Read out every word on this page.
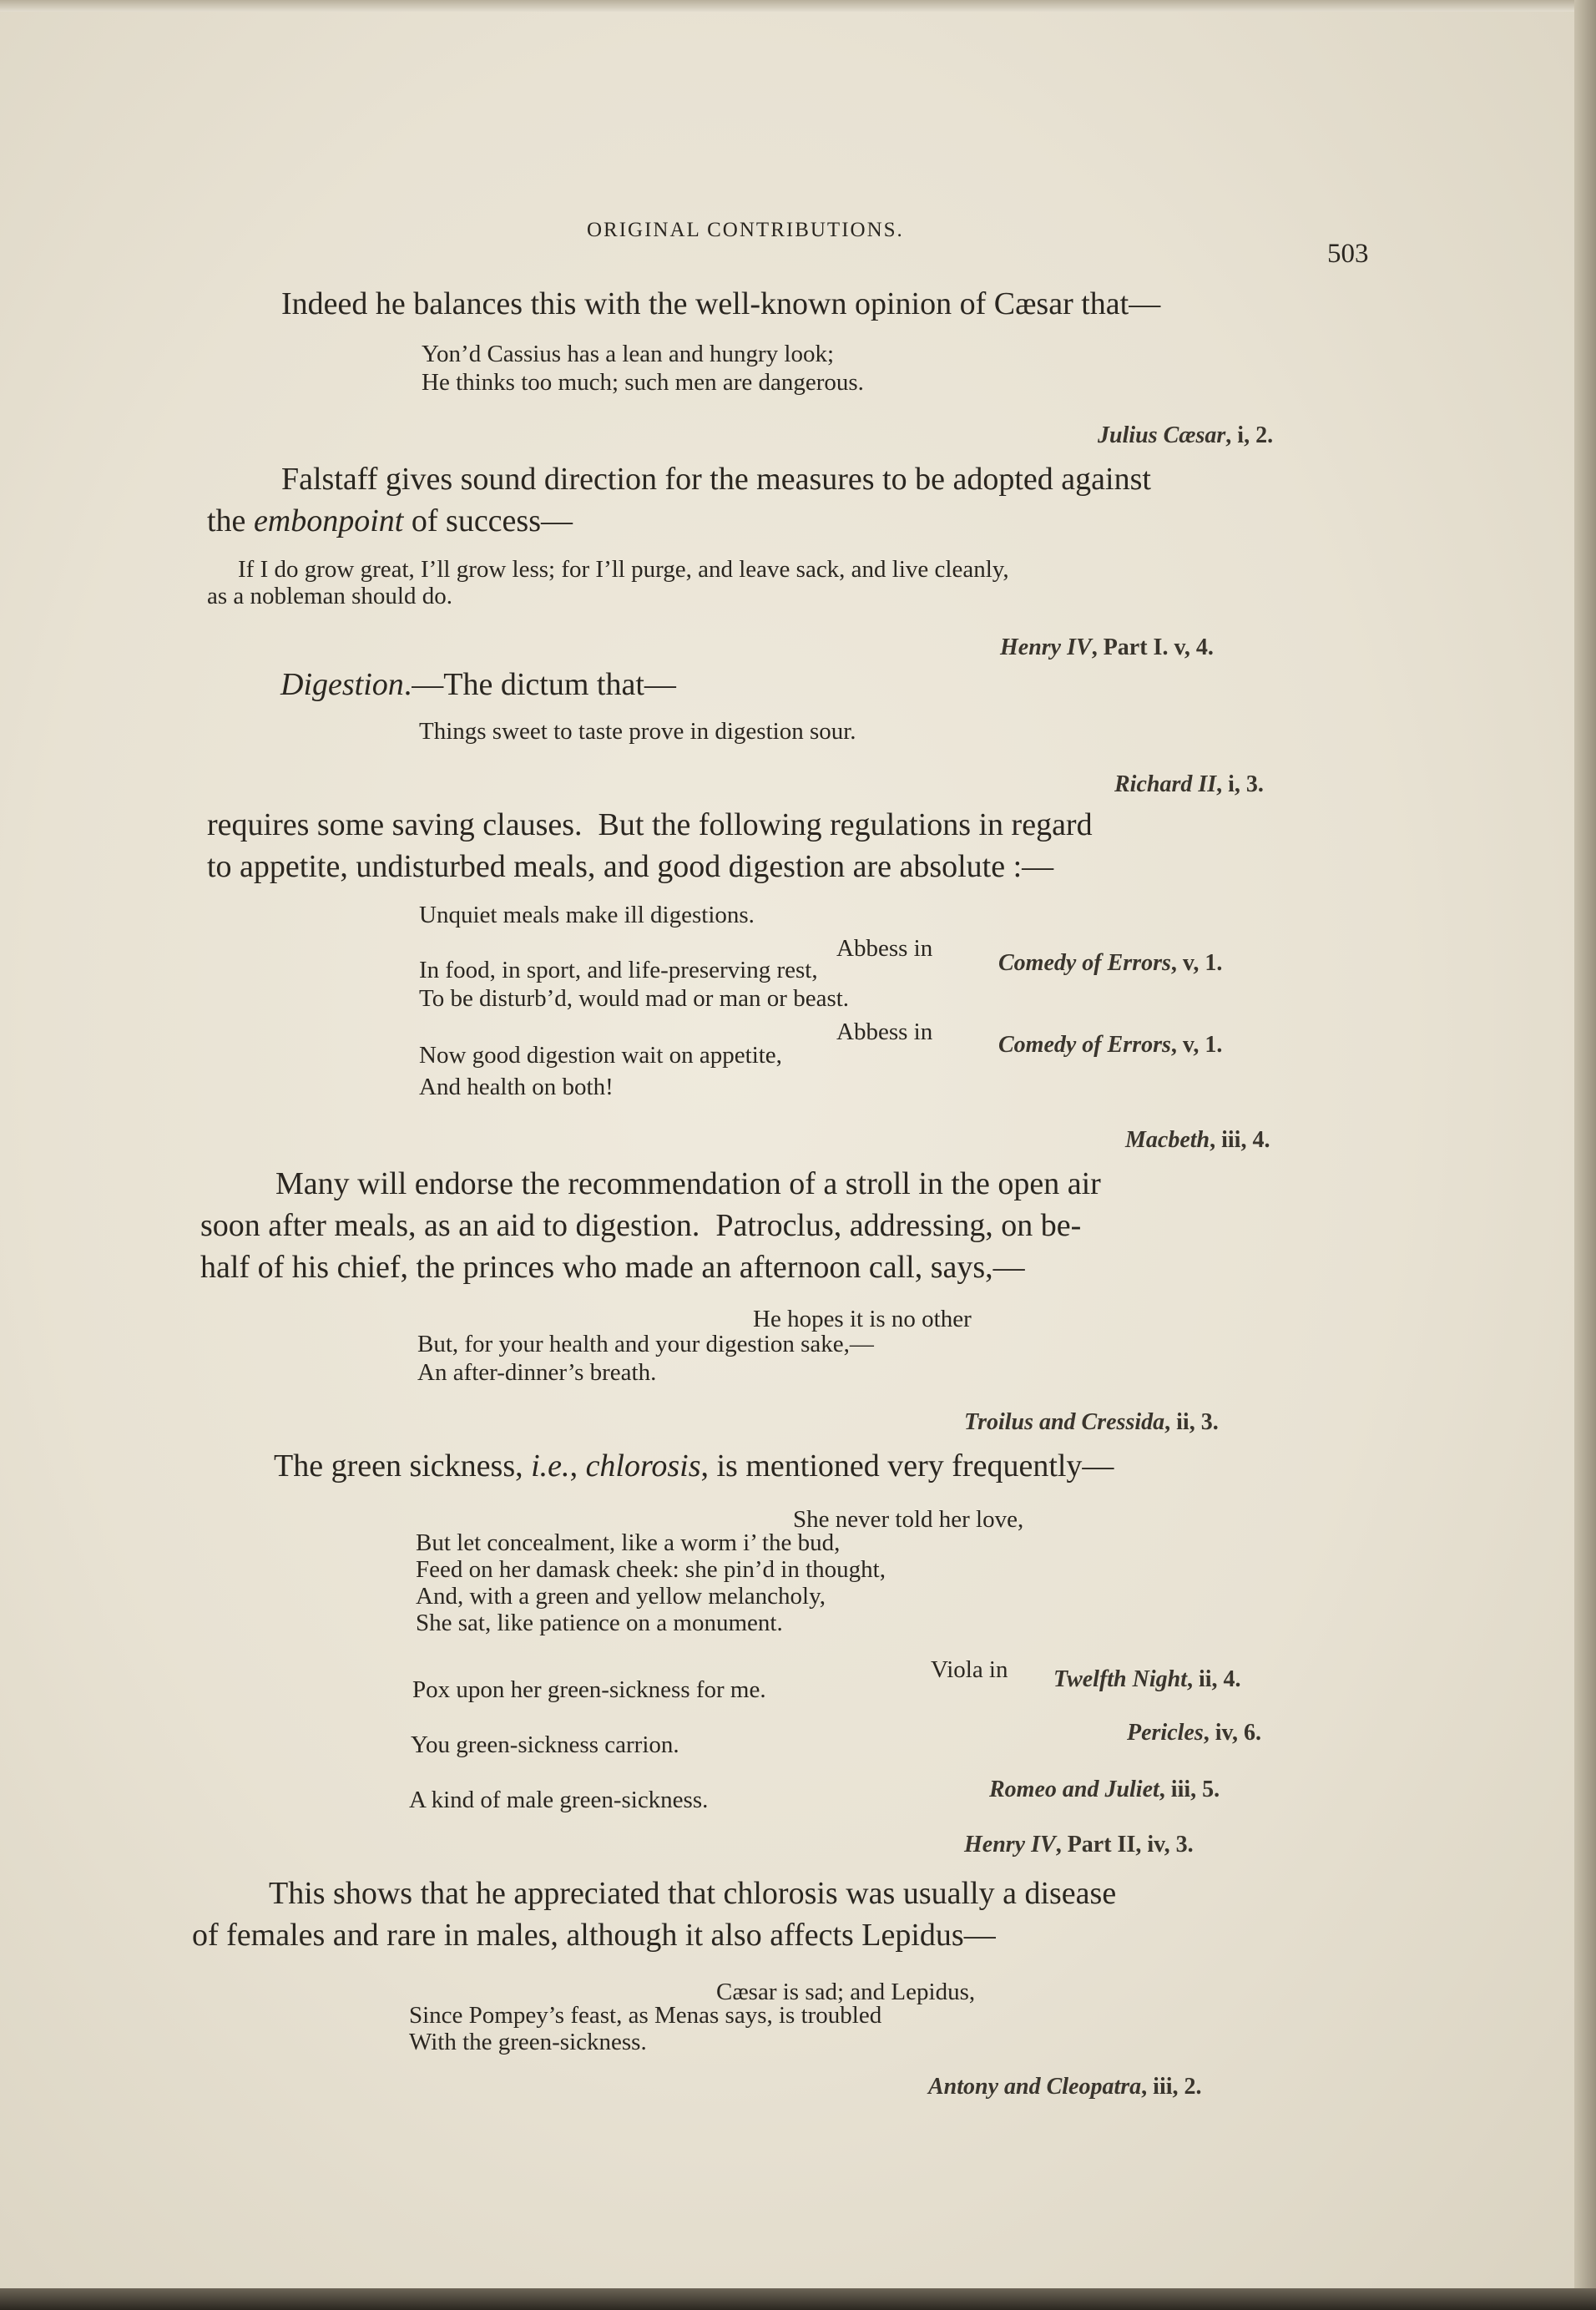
ORIGINAL CONTRIBUTIONS.
503
Indeed he balances this with the well-known opinion of Cæsar that—
Yon’d Cassius has a lean and hungry look;
He thinks too much; such men are dangerous.
Julius Cæsar, i, 2.
Falstaff gives sound direction for the measures to be adopted against
the embonpoint of success—
If I do grow great, I’ll grow less; for I’ll purge, and leave sack, and live cleanly,
as a nobleman should do.
Henry IV, Part I. v, 4.
Digestion.—The dictum that—
Things sweet to taste prove in digestion sour.
Richard II, i, 3.
requires some saving clauses.  But the following regulations in regard
to appetite, undisturbed meals, and good digestion are absolute :—
Unquiet meals make ill digestions.
Abbess in
Comedy of Errors, v, 1.
In food, in sport, and life-preserving rest,
To be disturb’d, would mad or man or beast.
Abbess in	Comedy of Errors, v, 1.
Now good digestion wait on appetite,
And health on both!
Macbeth, iii, 4.
Many will endorse the recommendation of a stroll in the open air
soon after meals, as an aid to digestion.  Patroclus, addressing, on be-
half of his chief, the princes who made an afternoon call, says,—
He hopes it is no other
But, for your health and your digestion sake,—
An after-dinner’s breath.
Troilus and Cressida, ii, 3.
The green sickness, i.e., chlorosis, is mentioned very frequently—
She never told her love,
But let concealment, like a worm i’ the bud,
Feed on her damask cheek: she pin’d in thought,
And, with a green and yellow melancholy,
She sat, like patience on a monument.
Viola in Twelfth Night, ii, 4.
Pox upon her green-sickness for me.
Pericles, iv, 6.
You green-sickness carrion.
Romeo and Juliet, iii, 5.
A kind of male green-sickness.
Henry IV, Part II, iv, 3.
This shows that he appreciated that chlorosis was usually a disease
of females and rare in males, although it also affects Lepidus—
Cæsar is sad; and Lepidus,
Since Pompey’s feast, as Menas says, is troubled
With the green-sickness.
Antony and Cleopatra, iii, 2.
